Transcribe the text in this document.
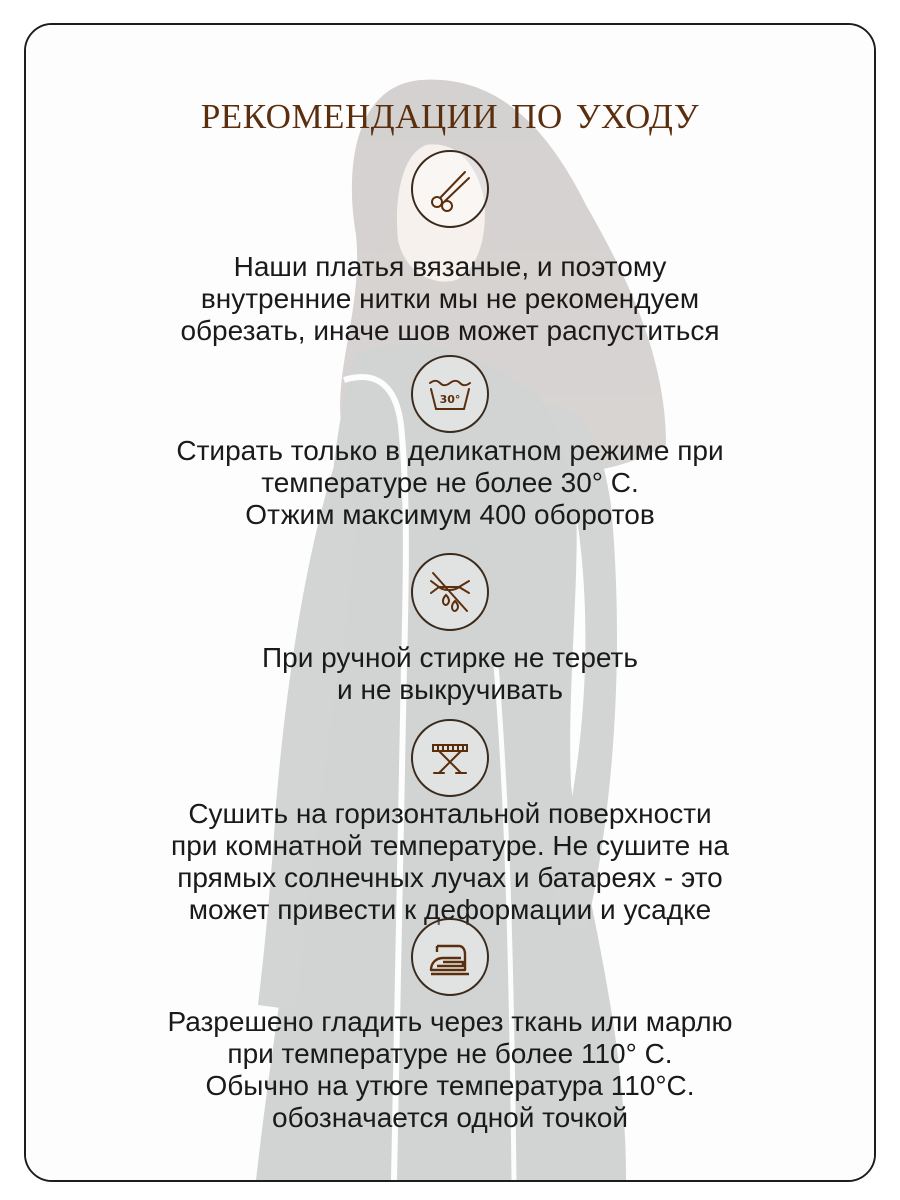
рекомендации по уходу

Наши платья вязаные, и поэтому
внутренние нитки мы не рекомендуем
обрезать, иначе шов может распуститься

30°

Стирать только в деликатном режиме при
температуре не более 30° С.
Отжим максимум 400 оборотов

При ручной стирке не тереть
и не выкручивать

Сушить на горизонтальной поверхности
при комнатной температуре. Не сушите на
прямых солнечных лучах и батареях - это
может привести к деформации и усадке

Разрешено гладить через ткань или марлю
при температуре не более 110° С.
Обычно на утюге температура 110°С.
обозначается одной точкой
